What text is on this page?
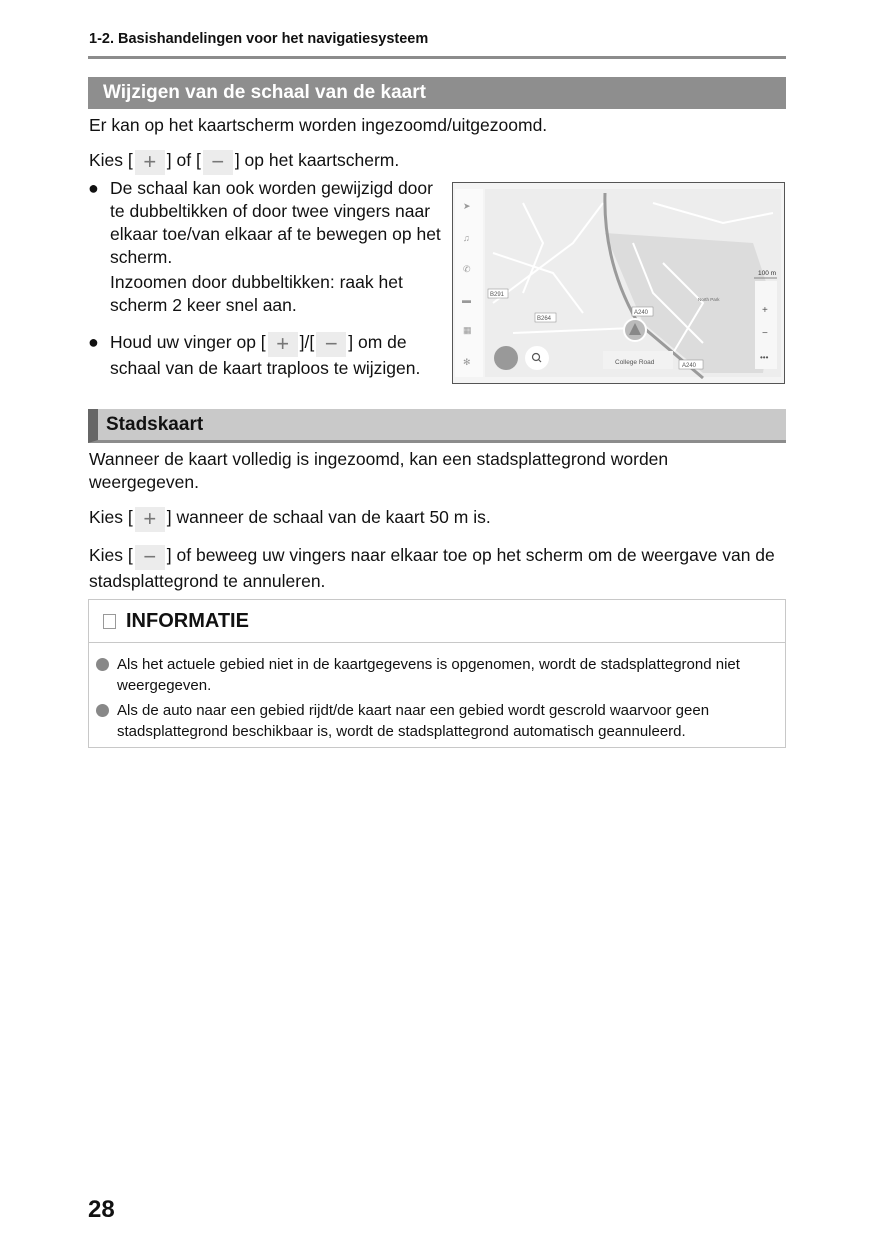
1-2. Basishandelingen voor het navigatiesysteem
Wijzigen van de schaal van de kaart
Er kan op het kaartscherm worden ingezoomd/uitgezoomd.
Kies [ + ] of [ − ] op het kaartscherm.
● De schaal kan ook worden gewijzigd door te dubbeltikken of door twee vingers naar elkaar toe/van elkaar af te bewegen op het scherm.
Inzoomen door dubbeltikken: raak het scherm 2 keer snel aan.
● Houd uw vinger op [ + ]/[ − ] om de schaal van de kaart traploos te wijzigen.
B291
B264
A240
A240
College Road
North Park
100 m
+
−
•••
➤
♫
✆
▬
▦
✻
Stadskaart
Wanneer de kaart volledig is ingezoomd, kan een stadsplattegrond worden weergegeven.
Kies [ + ] wanneer de schaal van de kaart 50 m is.
Kies [ − ] of beweeg uw vingers naar elkaar toe op het scherm om de weergave van de stadsplattegrond te annuleren.
INFORMATIE
Als het actuele gebied niet in de kaartgegevens is opgenomen, wordt de stadsplattegrond niet weergegeven.
Als de auto naar een gebied rijdt/de kaart naar een gebied wordt gescrold waarvoor geen stadsplattegrond beschikbaar is, wordt de stadsplattegrond automatisch geannuleerd.
28
